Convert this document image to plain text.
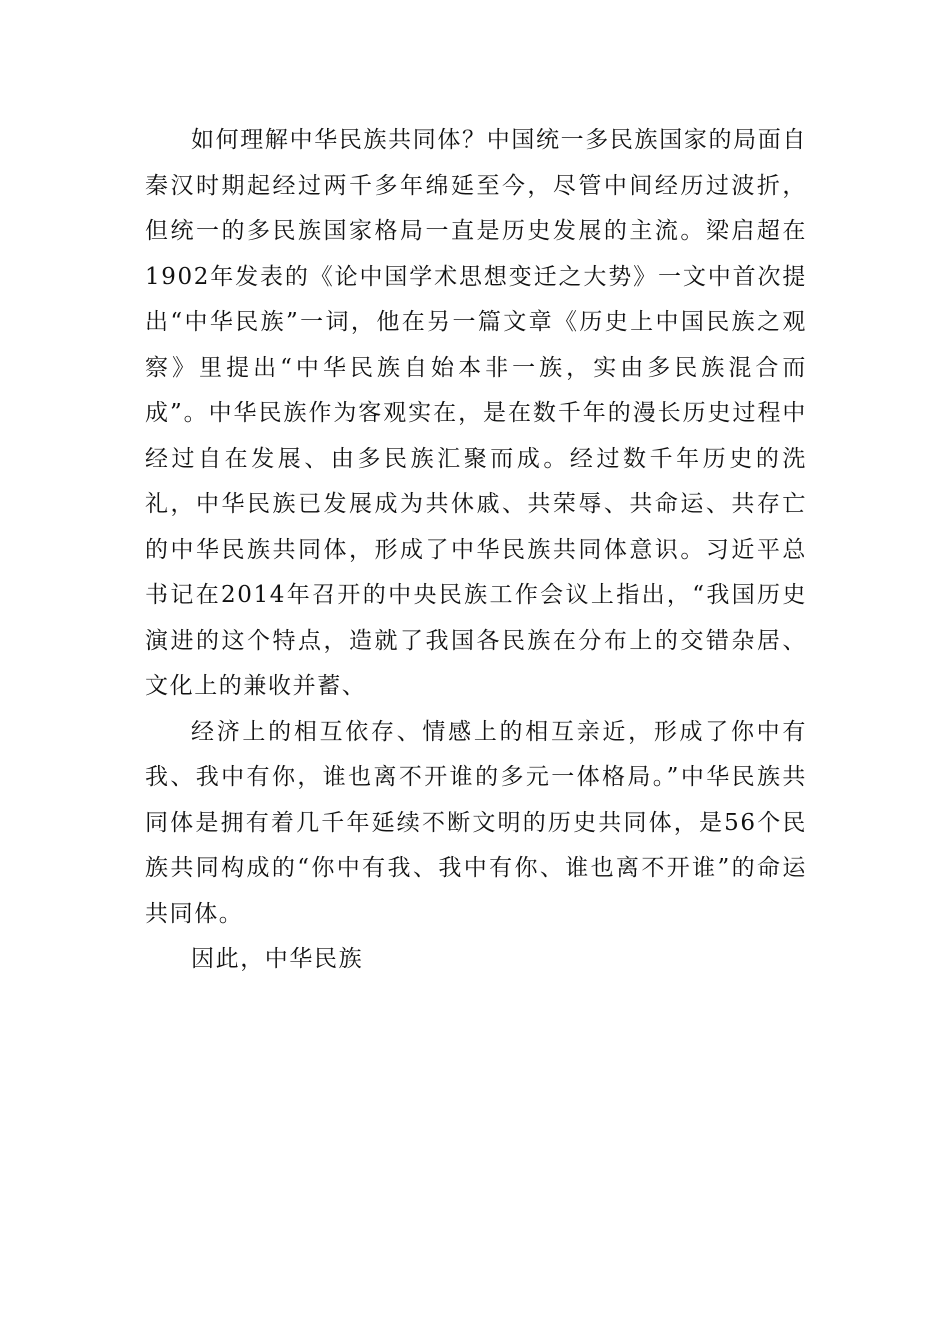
如何理解中华民族共同体？中国统一多民族国家的局面自秦汉时期起经过两千多年绵延至今，尽管中间经历过波折，但统一的多民族国家格局一直是历史发展的主流。梁启超在1902年发表的《论中国学术思想变迁之大势》一文中首次提出“中华民族”一词，他在另一篇文章《历史上中国民族之观察》里提出“中华民族自始本非一族，实由多民族混合而成”。中华民族作为客观实在，是在数千年的漫长历史过程中经过自在发展、由多民族汇聚而成。经过数千年历史的洗礼，中华民族已发展成为共休戚、共荣辱、共命运、共存亡的中华民族共同体，形成了中华民族共同体意识。习近平总书记在2014年召开的中央民族工作会议上指出，“我国历史演进的这个特点，造就了我国各民族在分布上的交错杂居、文化上的兼收并蓄、

经济上的相互依存、情感上的相互亲近，形成了你中有我、我中有你，谁也离不开谁的多元一体格局。”中华民族共同体是拥有着几千年延续不断文明的历史共同体，是56个民族共同构成的“你中有我、我中有你、谁也离不开谁”的命运共同体。

因此，中华民族
